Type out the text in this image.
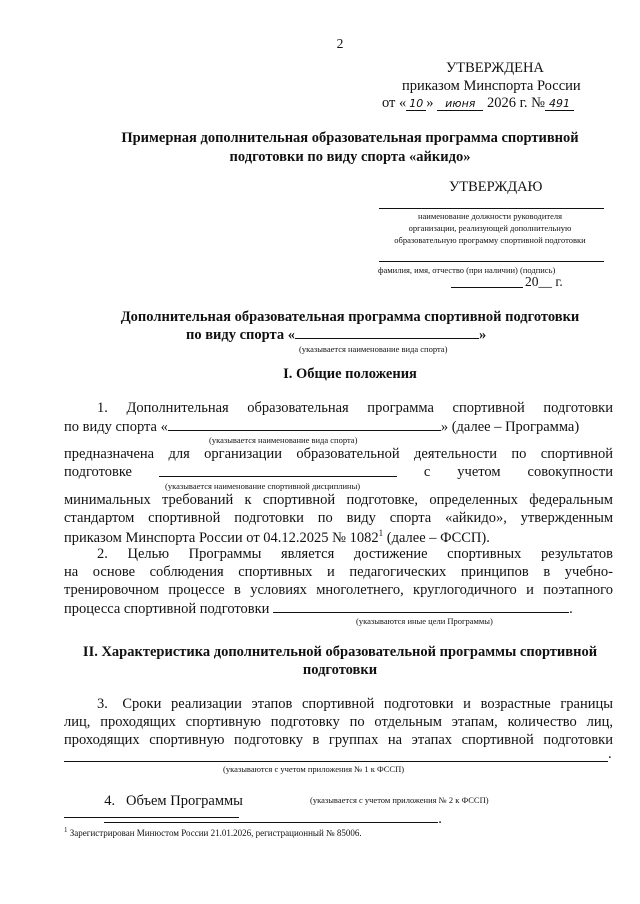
2
УТВЕРЖДЕНА
приказом Минспорта России
от « 10 » июня 2026 г. № 491
Примерная дополнительная образовательная программа спортивной
подготовки по виду спорта «айкидо»
УТВЕРЖДАЮ
наименование должности руководителя
организации, реализующей дополнительную
образовательную программу спортивной подготовки
фамилия, имя, отчество (при наличии) (подпись)
20__ г.
Дополнительная образовательная программа спортивной подготовки
по виду спорта «	»
(указывается наименование вида спорта)
I. Общие положения
1.   Дополнительная   образовательная   программа   спортивной   подготовки
по виду спорта «	» (далее – Программа)
(указывается наименование вида спорта)
предназначена  для  организации  образовательной  деятельности  по  спортивной
подготовке	с учетом совокупности
(указывается наименование спортивной дисциплины)
минимальных  требований  к  спортивной  подготовке,  определенных  федеральным
стандартом  спортивной  подготовки  по  виду  спорта  «айкидо»,  утвержденным
приказом Минспорта России от 04.12.2025 № 1082$^1$ (далее – ФССП).
2.   Целью   Программы   является   достижение   спортивных   результатов
на  основе  соблюдения  спортивных  и  педагогических  принципов  в  учебно-
тренировочном  процессе  в  условиях  многолетнего,  круглогодичного  и  поэтапного
процесса спортивной подготовки	.
(указываются иные цели Программы)
II. Характеристика дополнительной образовательной программы спортивной
подготовки
3.   Сроки  реализации  этапов  спортивной  подготовки  и  возрастные  границы
лиц,  проходящих  спортивную  подготовку  по  отдельным  этапам,  количество  лиц,
проходящих  спортивную  подготовку  в  группах  на  этапах  спортивной  подготовки
.
(указываются с учетом приложения № 1 к ФССП)

4.   Объем Программы
.

(указывается с учетом приложения № 2 к ФССП)
$^1$ Зарегистрирован Минюстом России 21.01.2026, регистрационный № 85006.
